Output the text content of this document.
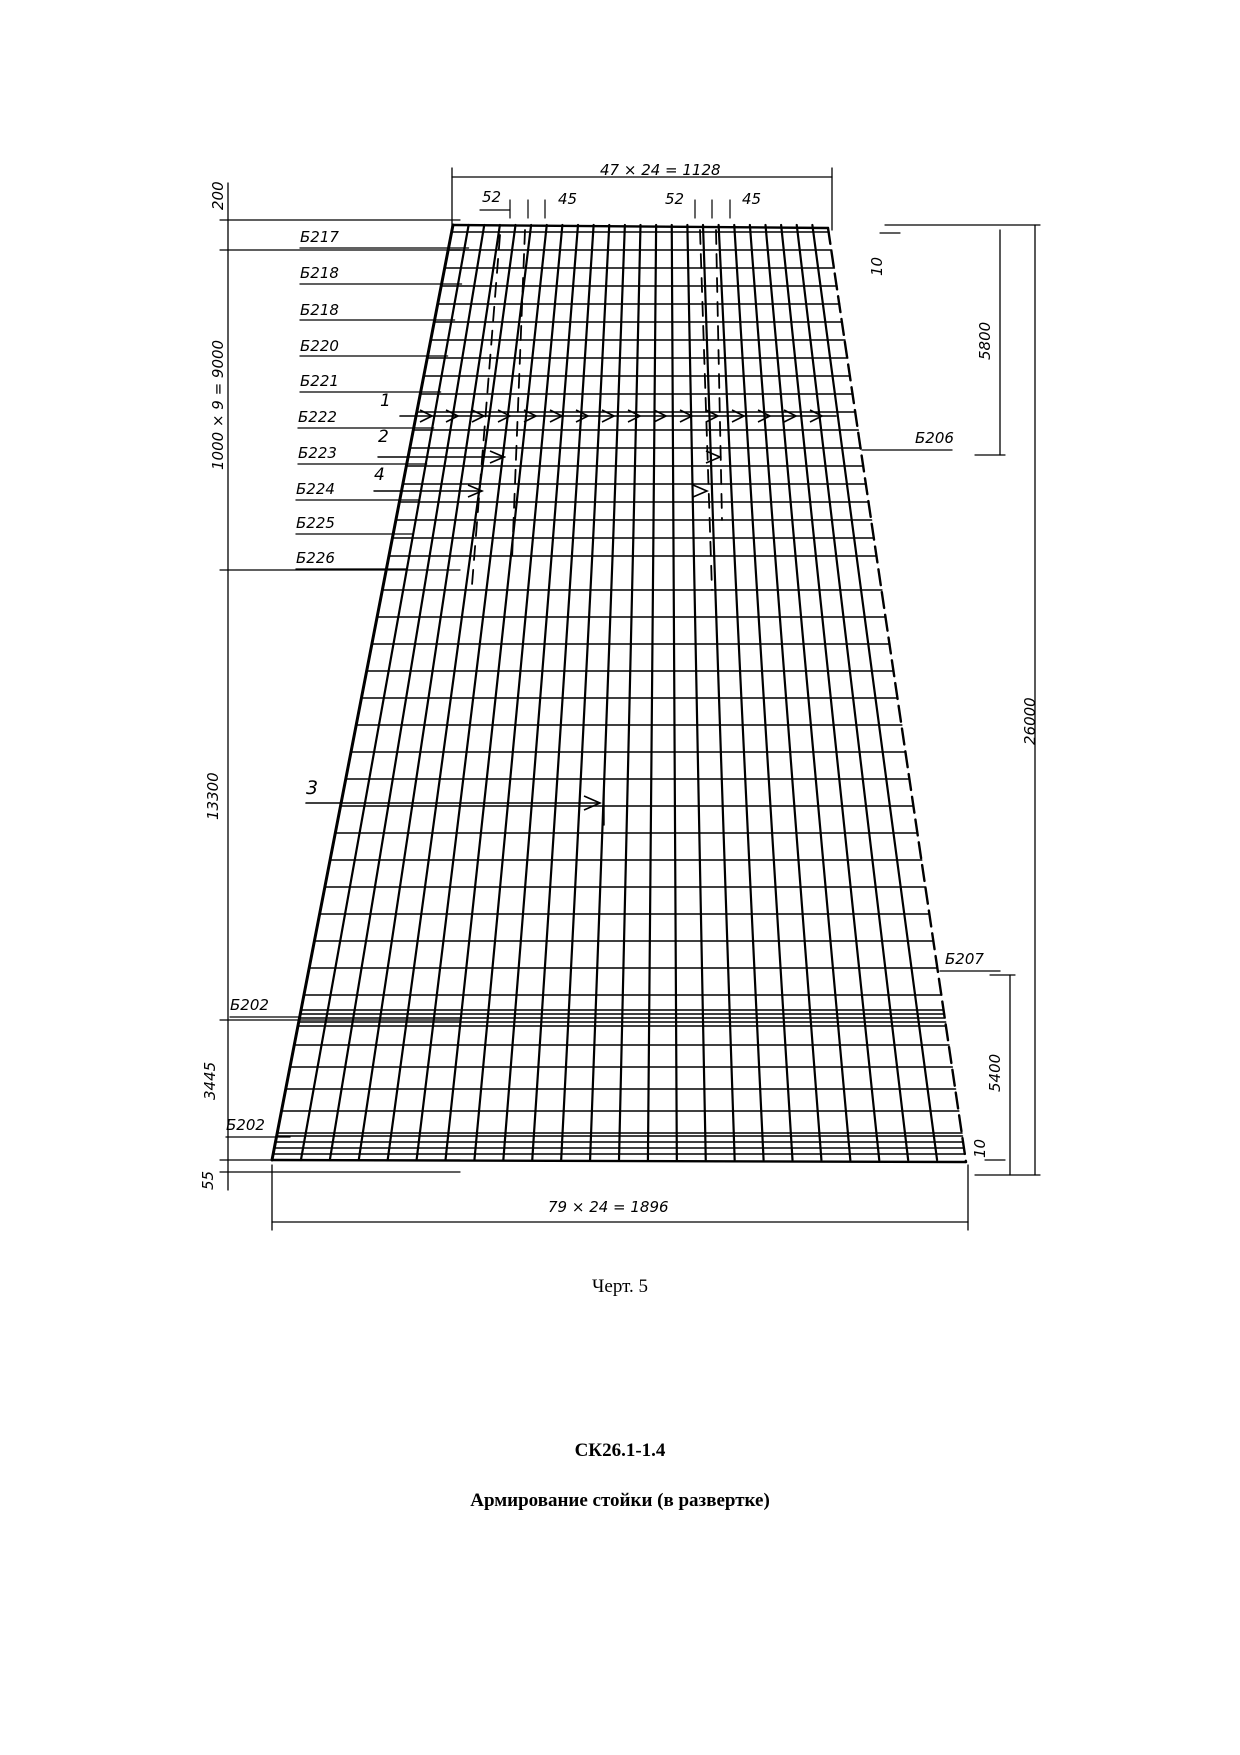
47 × 24 = 1128
52	45	52	45
79 × 24 = 1896
200
1000 × 9 = 9000
13300
3445
55
10
5800
26000
5400
10
Б217
Б218
Б218
Б220
Б221
Б222
Б223
Б224
Б225
Б226
Б202
Б202
Б206
Б207
1
2
4
3
Черт. 5
СК26.1-1.4
Армирование стойки (в развертке)
